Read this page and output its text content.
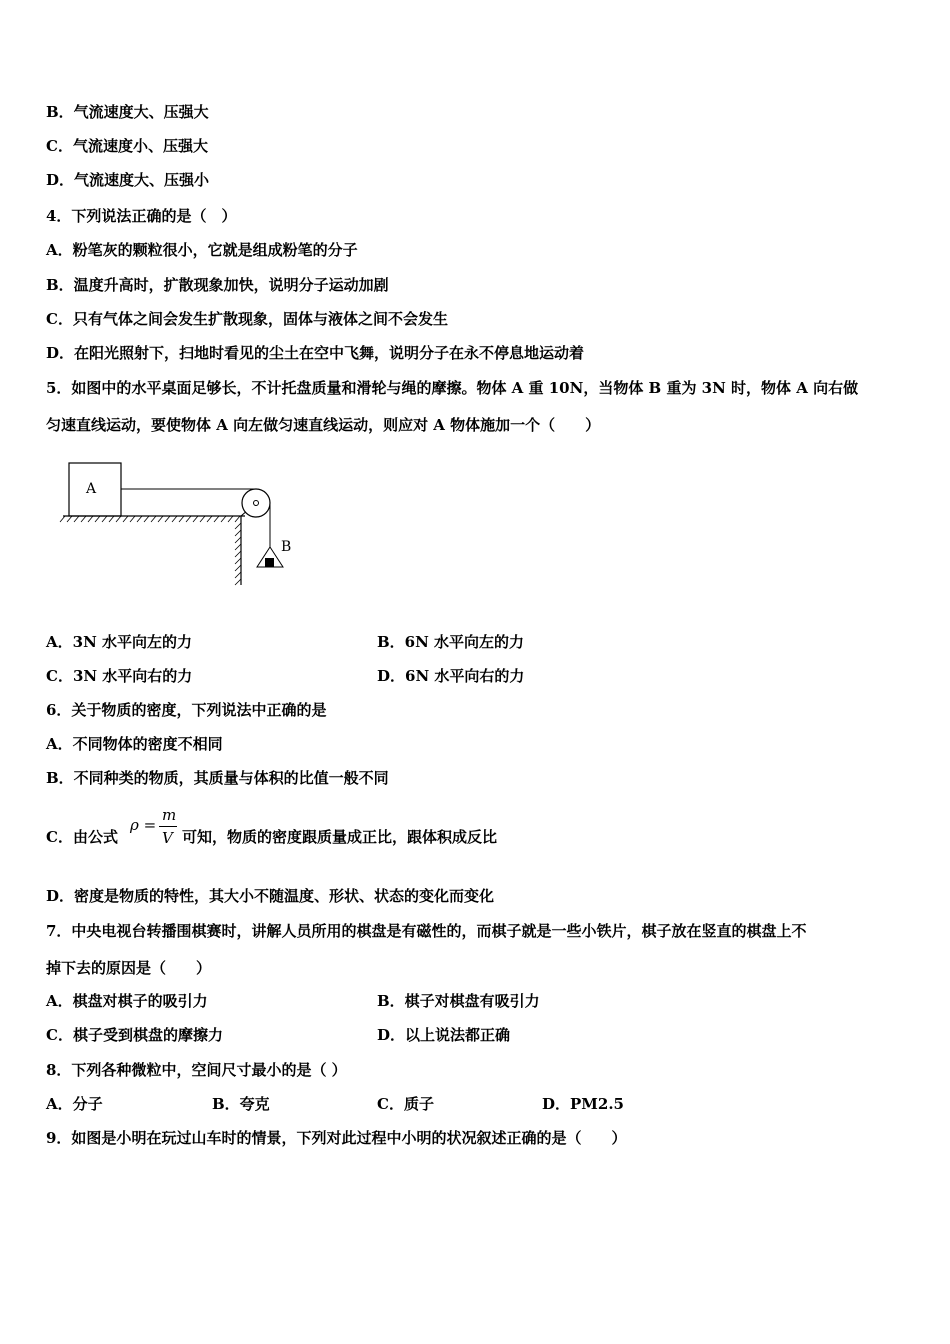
B．气流速度大、压强大
C．气流速度小、压强大
D．气流速度大、压强小
4．下列说法正确的是（　）
A．粉笔灰的颗粒很小，它就是组成粉笔的分子
B．温度升高时，扩散现象加快，说明分子运动加剧
C．只有气体之间会发生扩散现象，固体与液体之间不会发生
D．在阳光照射下，扫地时看见的尘土在空中飞舞，说明分子在永不停息地运动着
5．如图中的水平桌面足够长，不计托盘质量和滑轮与绳的摩擦。物体 A 重 10N，当物体 B 重为 3N 时，物体 A 向右做
匀速直线运动，要使物体 A 向左做匀速直线运动，则应对 A 物体施加一个（　　）
A
B
A．3N 水平向左的力	B．6N 水平向左的力
C．3N 水平向右的力	D．6N 水平向右的力
6．关于物质的密度，下列说法中正确的是
A．不同物体的密度不相同
B．不同种类的物质，其质量与体积的比值一般不同
C．由公式
ρ =
m
V 可知，物质的密度跟质量成正比，跟体积成反比
D．密度是物质的特性，其大小不随温度、形状、状态的变化而变化
7．中央电视台转播围棋赛时，讲解人员所用的棋盘是有磁性的，而棋子就是一些小铁片，棋子放在竖直的棋盘上不
掉下去的原因是（　　）
A．棋盘对棋子的吸引力	B．棋子对棋盘有吸引力
C．棋子受到棋盘的摩擦力	D．以上说法都正确
8．下列各种微粒中，空间尺寸最小的是（ ）
A．分子	B．夸克	C．质子	D．PM2.5
9．如图是小明在玩过山车时的情景，下列对此过程中小明的状况叙述正确的是（　　）
